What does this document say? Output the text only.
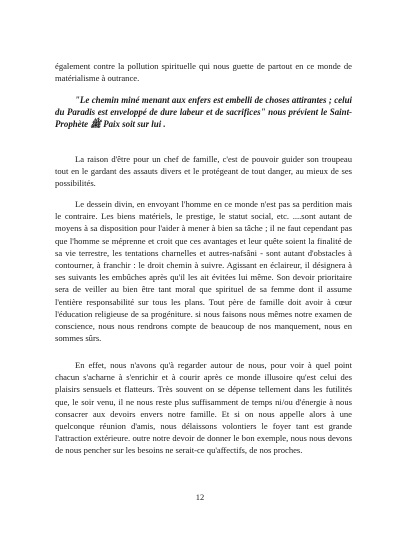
également contre la pollution spirituelle qui nous guette de partout en ce monde de matérialisme à outrance.

"Le chemin miné menant aux enfers est embelli de choses attirantes ; celui du Paradis est enveloppé de dure labeur et de sacrifices" nous prévient le Saint-Prophète ﷺ Paix soit sur lui .

La raison d'être pour un chef de famille, c'est de pouvoir guider son troupeau tout en le gardant des assauts divers et le protégeant de tout danger, au mieux de ses possibilités.

Le dessein divin, en envoyant l'homme en ce monde n'est pas sa perdition mais le contraire. Les biens matériels, le prestige, le statut social, etc. ....sont autant de moyens à sa disposition pour l'aider à mener à bien sa tâche ; il ne faut cependant pas que l'homme se méprenne et croit que ces avantages et leur quête soient la finalité de sa vie terrestre, les tentations charnelles et autres-nafsâni - sont autant d'obstacles à contourner, à franchir : le droit chemin à suivre. Agissant en éclaireur, il désignera à ses suivants les embûches après qu'il les ait évitées lui même. Son devoir prioritaire sera de veiller au bien être tant moral que spirituel de sa femme dont il assume l'entière responsabilité sur tous les plans. Tout père de famille doit avoir à cœur l'éducation religieuse de sa progéniture. si nous faisons nous mêmes notre examen de conscience, nous nous rendrons compte de beaucoup de nos manquement, nous en sommes sûrs.

En effet, nous n'avons qu'à regarder autour de nous, pour voir à quel point chacun s'acharne à s'enrichir et à courir après ce monde illusoire qu'est celui des plaisirs sensuels et flatteurs. Très souvent on se dépense tellement dans les futilités que, le soir venu, il ne nous reste plus suffisamment de temps ni/ou d'énergie à nous consacrer aux devoirs envers notre famille. Et si on nous appelle alors à une quelconque réunion d'amis, nous délaissons volontiers le foyer tant est grande l'attraction extérieure. outre notre devoir de donner le bon exemple, nous nous devons de nous pencher sur les besoins ne serait-ce qu'affectifs, de nos proches.

12
